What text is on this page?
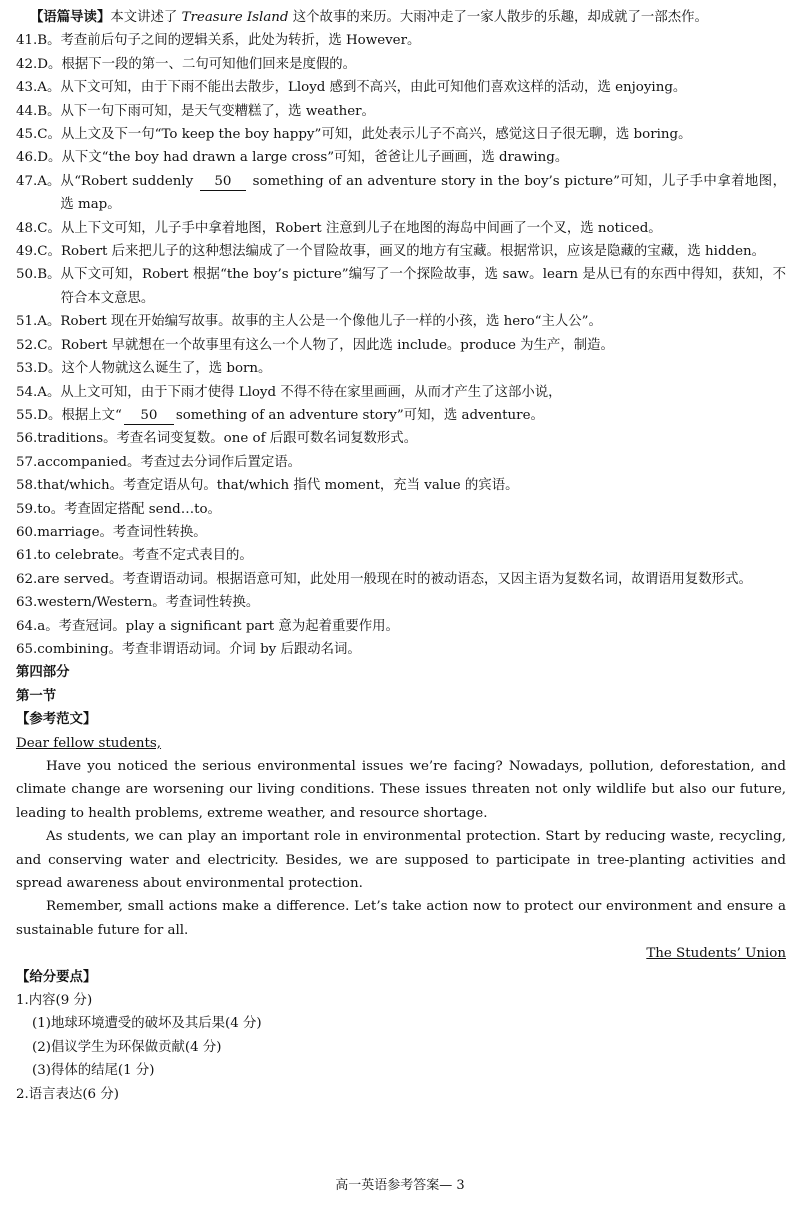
【语篇导读】本文讲述了 Treasure Island 这个故事的来历。大雨冲走了一家人散步的乐趣，却成就了一部杰作。
41.B。 考查前后句子之间的逻辑关系，此处为转折，选 However。
42.D。 根据下一段的第一、二句可知他们回来是度假的。
43.A。 从下文可知，由于下雨不能出去散步，Lloyd 感到不高兴，由此可知他们喜欢这样的活动，选 enjoying。
44.B。 从下一句下雨可知，是天气变糟糕了，选 weather。
45.C。 从上文及下一句“To keep the boy happy”可知，此处表示儿子不高兴，感觉这日子很无聊，选 boring。
46.D。 从下文“the boy had drawn a large cross”可知，爸爸让儿子画画，选 drawing。
47.A。 从“Robert suddenly 50 something of an adventure story in the boy’s picture”可知，儿子手中拿着地图，选 map。
48.C。 从上下文可知，儿子手中拿着地图，Robert 注意到儿子在地图的海岛中间画了一个叉，选 noticed。
49.C。 Robert 后来把儿子的这种想法编成了一个冒险故事，画叉的地方有宝藏。根据常识，应该是隐藏的宝藏，选 hidden。
50.B。 从下文可知，Robert 根据“the boy’s picture”编写了一个探险故事，选 saw。learn 是从已有的东西中得知，获知，不符合本文意思。
51.A。 Robert 现在开始编写故事。故事的主人公是一个像他儿子一样的小孩，选 hero“主人公”。
52.C。 Robert 早就想在一个故事里有这么一个人物了，因此选 include。produce 为生产，制造。
53.D。 这个人物就这么诞生了，选 born。
54.A。 从上文可知，由于下雨才使得 Lloyd 不得不待在家里画画，从而才产生了这部小说，
55.D。 根据上文“ 50 something of an adventure story”可知，选 adventure。
56. traditions。考查名词变复数。one of 后跟可数名词复数形式。
57. accompanied。考查过去分词作后置定语。
58. that/which。考查定语从句。that/which 指代 moment，充当 value 的宾语。
59. to。考查固定搭配 send…to。
60. marriage。考查词性转换。
61. to celebrate。考查不定式表目的。
62. are served。考查谓语动词。根据语意可知，此处用一般现在时的被动语态，又因主语为复数名词，故谓语用复数形式。
63. western/Western。考查词性转换。
64. a。考查冠词。play a significant part 意为起着重要作用。
65. combining。考查非谓语动词。介词 by 后跟动名词。
第四部分
第一节
【参考范文】
Dear fellow students,
Have you noticed the serious environmental issues we’re facing? Nowadays, pollution, deforestation, and climate change are worsening our living conditions. These issues threaten not only wildlife but also our future, leading to health problems, extreme weather, and resource shortage.
As students, we can play an important role in environmental protection. Start by reducing waste, recycling, and conserving water and electricity. Besides, we are supposed to participate in tree-planting activities and spread awareness about environmental protection.
Remember, small actions make a difference. Let’s take action now to protect our environment and ensure a sustainable future for all.
The Students’ Union
【给分要点】
1.内容(9 分)
(1)地球环境遭受的破坏及其后果(4 分)
(2)倡议学生为环保做贡献(4 分)
(3)得体的结尾(1 分)
2.语言表达(6 分)
高一英语参考答案— 3
